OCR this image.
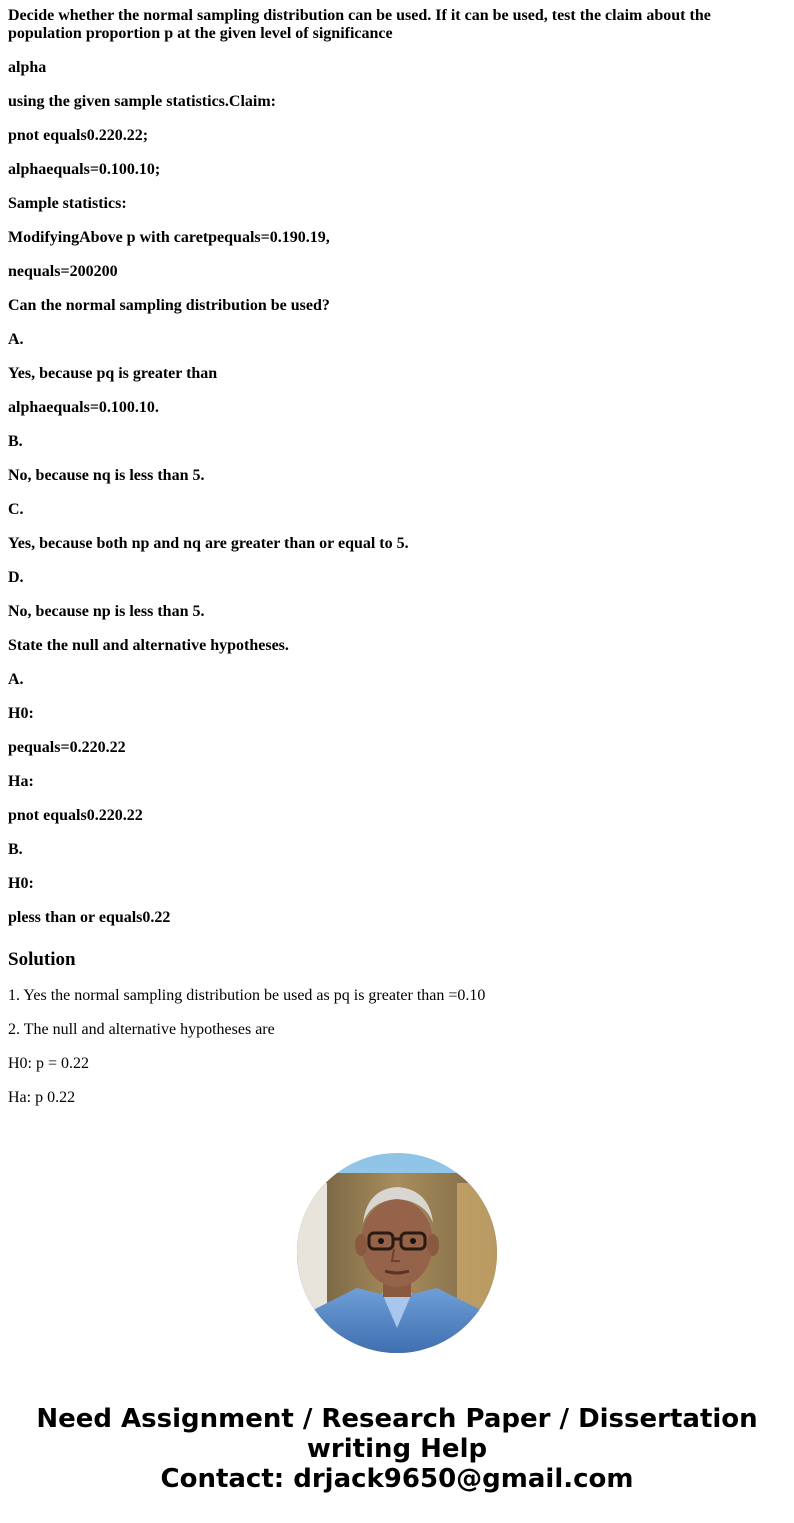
Decide whether the normal sampling distribution can be used. If it can be used, test the claim about the population proportion p at the given level of significance

alpha

using the given sample statistics.Claim:

pnot equals0.220.22;

alphaequals=0.100.10;

Sample statistics:

ModifyingAbove p with caretpequals=0.190.19,

nequals=200200

Can the normal sampling distribution be used?

A.

Yes, because pq is greater than

alphaequals=0.100.10.

B.

No, because nq is less than 5.

C.

Yes, because both np and nq are greater than or equal to 5.

D.

No, because np is less than 5.

State the null and alternative hypotheses.

A.

H0:

pequals=0.220.22

Ha:

pnot equals0.220.22

B.

H0:

pless than or equals0.22

Solution

1. Yes the normal sampling distribution be used as pq is greater than =0.10

2. The null and alternative hypotheses are

H0: p = 0.22

Ha: p 0.22

Need Assignment / Research Paper / Dissertation
writing Help
Contact: drjack9650@gmail.com
